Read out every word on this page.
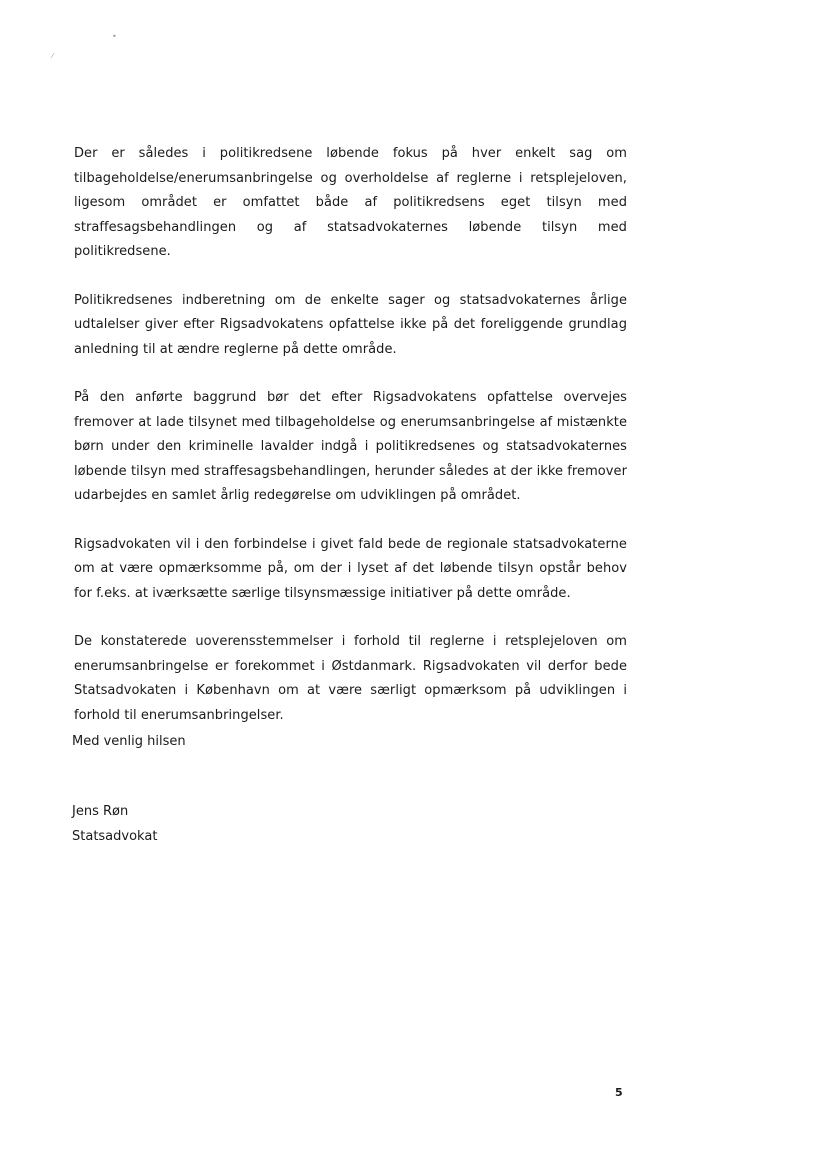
•
⁄

Der er således i politikredsene løbende fokus på hver enkelt sag om tilbageholdelse/enerumsanbringelse og overholdelse af reglerne i retsplejeloven, ligesom området er omfattet både af politikredsens eget tilsyn med straffesagsbehandlingen og af statsadvokaternes løbende tilsyn med politikredsene.

Politikredsenes indberetning om de enkelte sager og statsadvokaternes årlige udtalelser giver efter Rigsadvokatens opfattelse ikke på det foreliggende grundlag anledning til at ændre reglerne på dette område.

På den anførte baggrund bør det efter Rigsadvokatens opfattelse overvejes fremover at lade tilsynet med tilbageholdelse og enerumsanbringelse af mistænkte børn under den kriminelle lavalder indgå i politikredsenes og statsadvokaternes løbende tilsyn med straffesagsbehandlingen, herunder således at der ikke fremover udarbejdes en samlet årlig redegørelse om udviklingen på området.

Rigsadvokaten vil i den forbindelse i givet fald bede de regionale statsadvokaterne om at være opmærksomme på, om der i lyset af det løbende tilsyn opstår behov for f.eks. at iværksætte særlige tilsynsmæssige initiativer på dette område.

De konstaterede uoverensstemmelser i forhold til reglerne i retsplejeloven om enerumsanbringelse er forekommet i Østdanmark. Rigsadvokaten vil derfor bede Statsadvokaten i København om at være særligt opmærksom på udviklingen i forhold til enerumsanbringelser.

Med venlig hilsen
Jens Røn
Statsadvokat
5
